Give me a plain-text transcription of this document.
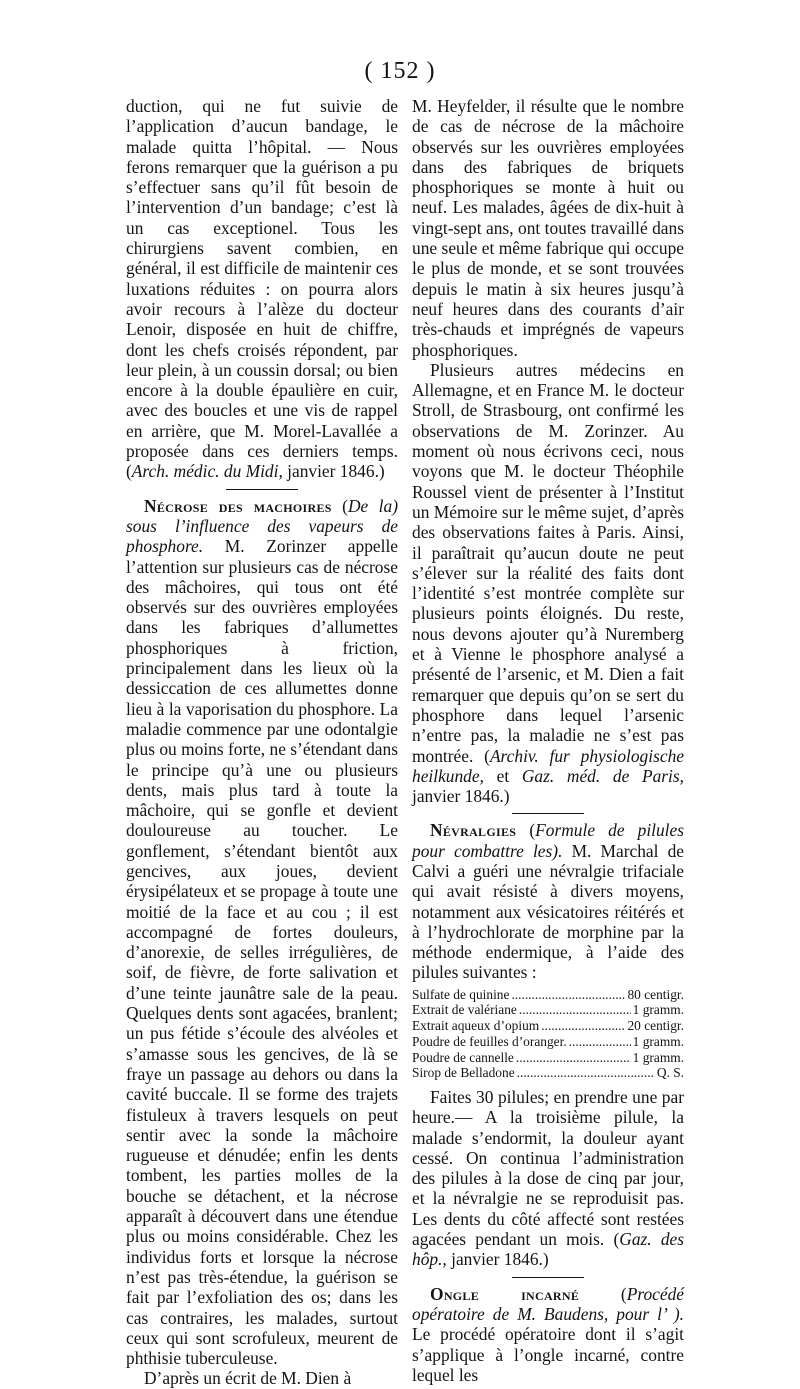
( 152 )

duction, qui ne fut suivie de l’application d’aucun bandage, le malade quitta l’hôpital. — Nous ferons remarquer que la guérison a pu s’effectuer sans qu’il fût besoin de l’intervention d’un bandage; c’est là un cas exceptionel. Tous les chirurgiens savent combien, en général, il est difficile de maintenir ces luxations réduites : on pourra alors avoir recours à l’alèze du docteur Lenoir, disposée en huit de chiffre, dont les chefs croisés répondent, par leur plein, à un coussin dorsal; ou bien encore à la double épaulière en cuir, avec des boucles et une vis de rappel en arrière, que M. Morel-Lavallée a proposée dans ces derniers temps. (Arch. médic. du Midi, janvier 1846.)

Nécrose des machoires (De la) sous l’influence des vapeurs de phosphore. M. Zorinzer appelle l’attention sur plusieurs cas de nécrose des mâchoires, qui tous ont été observés sur des ouvrières employées dans les fabriques d’allumettes phosphoriques à friction, principalement dans les lieux où la dessiccation de ces allumettes donne lieu à la vaporisation du phosphore. La maladie commence par une odontalgie plus ou moins forte, ne s’étendant dans le principe qu’à une ou plusieurs dents, mais plus tard à toute la mâchoire, qui se gonfle et devient douloureuse au toucher. Le gonflement, s’étendant bientôt aux gencives, aux joues, devient érysipélateux et se propage à toute une moitié de la face et au cou ; il est accompagné de fortes douleurs, d’anorexie, de selles irrégulières, de soif, de fièvre, de forte salivation et d’une teinte jaunâtre sale de la peau. Quelques dents sont agacées, branlent; un pus fétide s’écoule des alvéoles et s’amasse sous les gencives, de là se fraye un passage au dehors ou dans la cavité buccale. Il se forme des trajets fistuleux à travers lesquels on peut sentir avec la sonde la mâchoire rugueuse et dénudée; enfin les dents tombent, les parties molles de la bouche se détachent, et la nécrose apparaît à découvert dans une étendue plus ou moins considérable. Chez les individus forts et lorsque la nécrose n’est pas très-étendue, la guérison se fait par l’exfoliation des os; dans les cas contraires, les malades, surtout ceux qui sont scrofuleux, meurent de phthisie tuberculeuse.

D’après un écrit de M. Dien à

M. Heyfelder, il résulte que le nombre de cas de nécrose de la mâchoire observés sur les ouvrières employées dans des fabriques de briquets phosphoriques se monte à huit ou neuf. Les malades, âgées de dix-huit à vingt-sept ans, ont toutes travaillé dans une seule et même fabrique qui occupe le plus de monde, et se sont trouvées depuis le matin à six heures jusqu’à neuf heures dans des courants d’air très-chauds et imprégnés de vapeurs phosphoriques.

Plusieurs autres médecins en Allemagne, et en France M. le docteur Stroll, de Strasbourg, ont confirmé les observations de M. Zorinzer. Au moment où nous écrivons ceci, nous voyons que M. le docteur Théophile Roussel vient de présenter à l’Institut un Mémoire sur le même sujet, d’après des observations faites à Paris. Ainsi, il paraîtrait qu’aucun doute ne peut s’élever sur la réalité des faits dont l’identité s’est montrée complète sur plusieurs points éloignés. Du reste, nous devons ajouter qu’à Nuremberg et à Vienne le phosphore analysé a présenté de l’arsenic, et M. Dien a fait remarquer que depuis qu’on se sert du phosphore dans lequel l’arsenic n’entre pas, la maladie ne s’est pas montrée. (Archiv. fur physiologische heilkunde, et Gaz. méd. de Paris, janvier 1846.)

Névralgies (Formule de pilules pour combattre les). M. Marchal de Calvi a guéri une névralgie trifaciale qui avait résisté à divers moyens, notamment aux vésicatoires réitérés et à l’hydrochlorate de morphine par la méthode endermique, à l’aide des pilules suivantes :

Sulfate de quinine .....	80 centigr.
Extrait de valériane .....	1 gramm.
Extrait aqueux d’opium .....	20 centigr.
Poudre de feuilles d’oranger. .....	1 gramm.
Poudre de cannelle .....	1 gramm.
Sirop de Belladone .....	Q. S.

Faites 30 pilules; en prendre une par heure.— A la troisième pilule, la malade s’endormit, la douleur ayant cessé. On continua l’administration des pilules à la dose de cinq par jour, et la névralgie ne se reproduisit pas. Les dents du côté affecté sont restées agacées pendant un mois. (Gaz. des hôp., janvier 1846.)

Ongle incarné (Procédé opératoire de M. Baudens, pour l’ ). Le procédé opératoire dont il s’agit s’applique à l’ongle incarné, contre lequel les
